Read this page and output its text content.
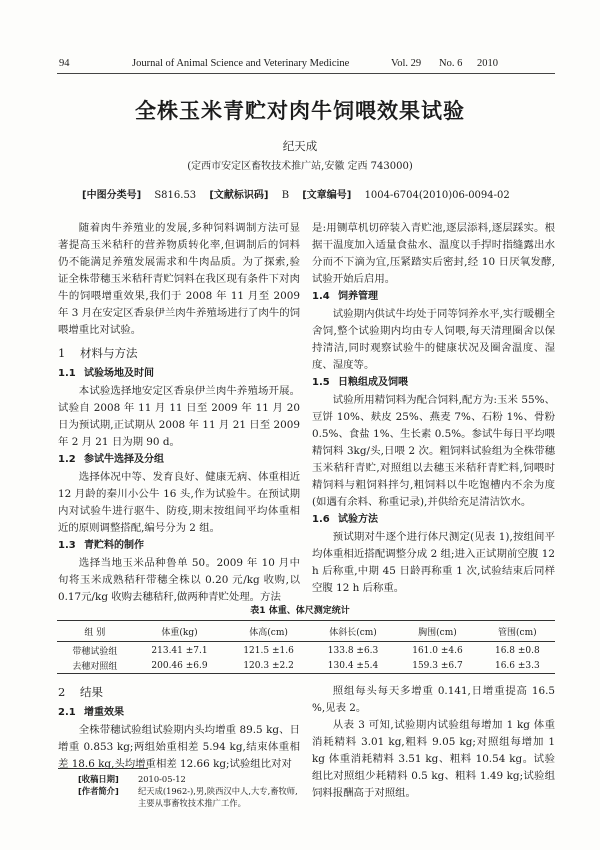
94	Journal of Animal Science and Veterinary Medicine	Vol. 29 No. 6 2010
全株玉米青贮对肉牛饲喂效果试验
纪天成
(定西市安定区畜牧技术推广站,安徽 定西 743000)
[中图分类号] S816.53 [文献标识码] B [文章编号] 1004-6704(2010)06-0094-02

随着肉牛养殖业的发展,多种饲料调制方法可显著提高玉米秸秆的营养物质转化率,但调制后的饲料仍不能满足养殖发展需求和牛肉品质。为了探索,验证全株带穗玉米秸秆青贮饲料在我区现有条件下对肉牛的饲喂增重效果,我们于 2008 年 11 月至 2009 年 3 月在安定区香泉伊兰肉牛养殖场进行了肉牛的饲喂增重比对试验。

1 材料与方法
1.1 试验场地及时间

本试验选择地安定区香泉伊兰肉牛养殖场开展。试验自 2008 年 11 月 11 日至 2009 年 11 月 20 日为预试期,正试期从 2008 年 11 月 21 日至 2009 年 2 月 21 日为期 90 d。

1.2 参试牛选择及分组

选择体况中等、发育良好、健康无病、体重相近 12 月龄的秦川小公牛 16 头,作为试验牛。在预试期内对试验牛进行驱牛、防疫,期末按组间平均体重相近的原则调整搭配,编号分为 2 组。

1.3 青贮料的制作

选择当地玉米品种鲁单 50。2009 年 10 月中旬将玉米成熟秸秆带穗全株以 0.20 元/kg 收购,以 0.17元/kg 收购去穗秸秆,做两种青贮处理。方法

是:用铡草机切碎装入青贮池,逐层添料,逐层踩实。根据干温度加入适量食盐水、温度以手捍时指缝露出水分而不下滴为宜,压紧踏实后密封,经 10 日厌氧发酵,试验开始后启用。

1.4 饲养管理

试验期内供试牛均处于同等饲养水平,实行暖棚全舍饲,整个试验期内均由专人饲喂,每天清理圈舍以保持清洁,同时观察试验牛的健康状况及圈舍温度、湿度、湿度等。

1.5 日粮组成及饲喂

试验所用精饲料为配合饲料,配方为:玉米 55%、豆饼 10%、麸皮 25%、燕麦 7%、石粉 1%、骨粉0.5%、食盐 1%、生长素 0.5%。参试牛每日平均喂精饲料 3kg/头,日喂 2 次。粗饲料试验组为全株带穗玉米秸秆青贮,对照组以去穗玉米秸秆青贮料,饲喂时精饲料与粗饲料拌匀,粗饲料以牛吃饱槽内不余为度(如遇有余料、称重记录),并供给充足清洁饮水。

1.6 试验方法

预试期对牛逐个进行体尺测定(见表 1),按组间平均体重相近搭配调整分成 2 组;进入正试期前空腹 12 h 后称重,中期 45 日龄再称重 1 次,试验结束后同样空腹 12 h 后称重。

表1 体重、体尺测定统计
组 别	体重(kg)	体高(cm)	体斜长(cm)	胸围(cm)	管围(cm)
带穗试验组	213.41 ±7.1	121.5 ±1.6	133.8 ±6.3	161.0 ±4.6	16.8 ±0.8
去穗对照组	200.46 ±6.9	120.3 ±2.2	130.4 ±5.4	159.3 ±6.7	16.6 ±3.3
2 结果
2.1 增重效果

全株带穗试验组试验期内头均增重 89.5 kg、日增重 0.853 kg;两组始重相差 5.94 kg,结束体重相差 18.6 kg,头均增重相差 12.66 kg;试验组比对对

照组每头每天多增重 0.141,日增重提高 16.5 %,见表 2。

从表 3 可知,试验期内试验组每增加 1 kg 体重消耗精料 3.01 kg,粗料 9.05 kg;对照组每增加 1 kg 体重消耗精料 3.51 kg、粗料 10.54 kg。试验组比对照组少耗精料 0.5 kg、粗料 1.49 kg;试验组饲料报酬高于对照组。

[收稿日期]	2010-05-12
[作者简介]	纪天成(1962-),男,陕西汉中人,大专,畜牧师,主要从事畜牧技术推广工作。
